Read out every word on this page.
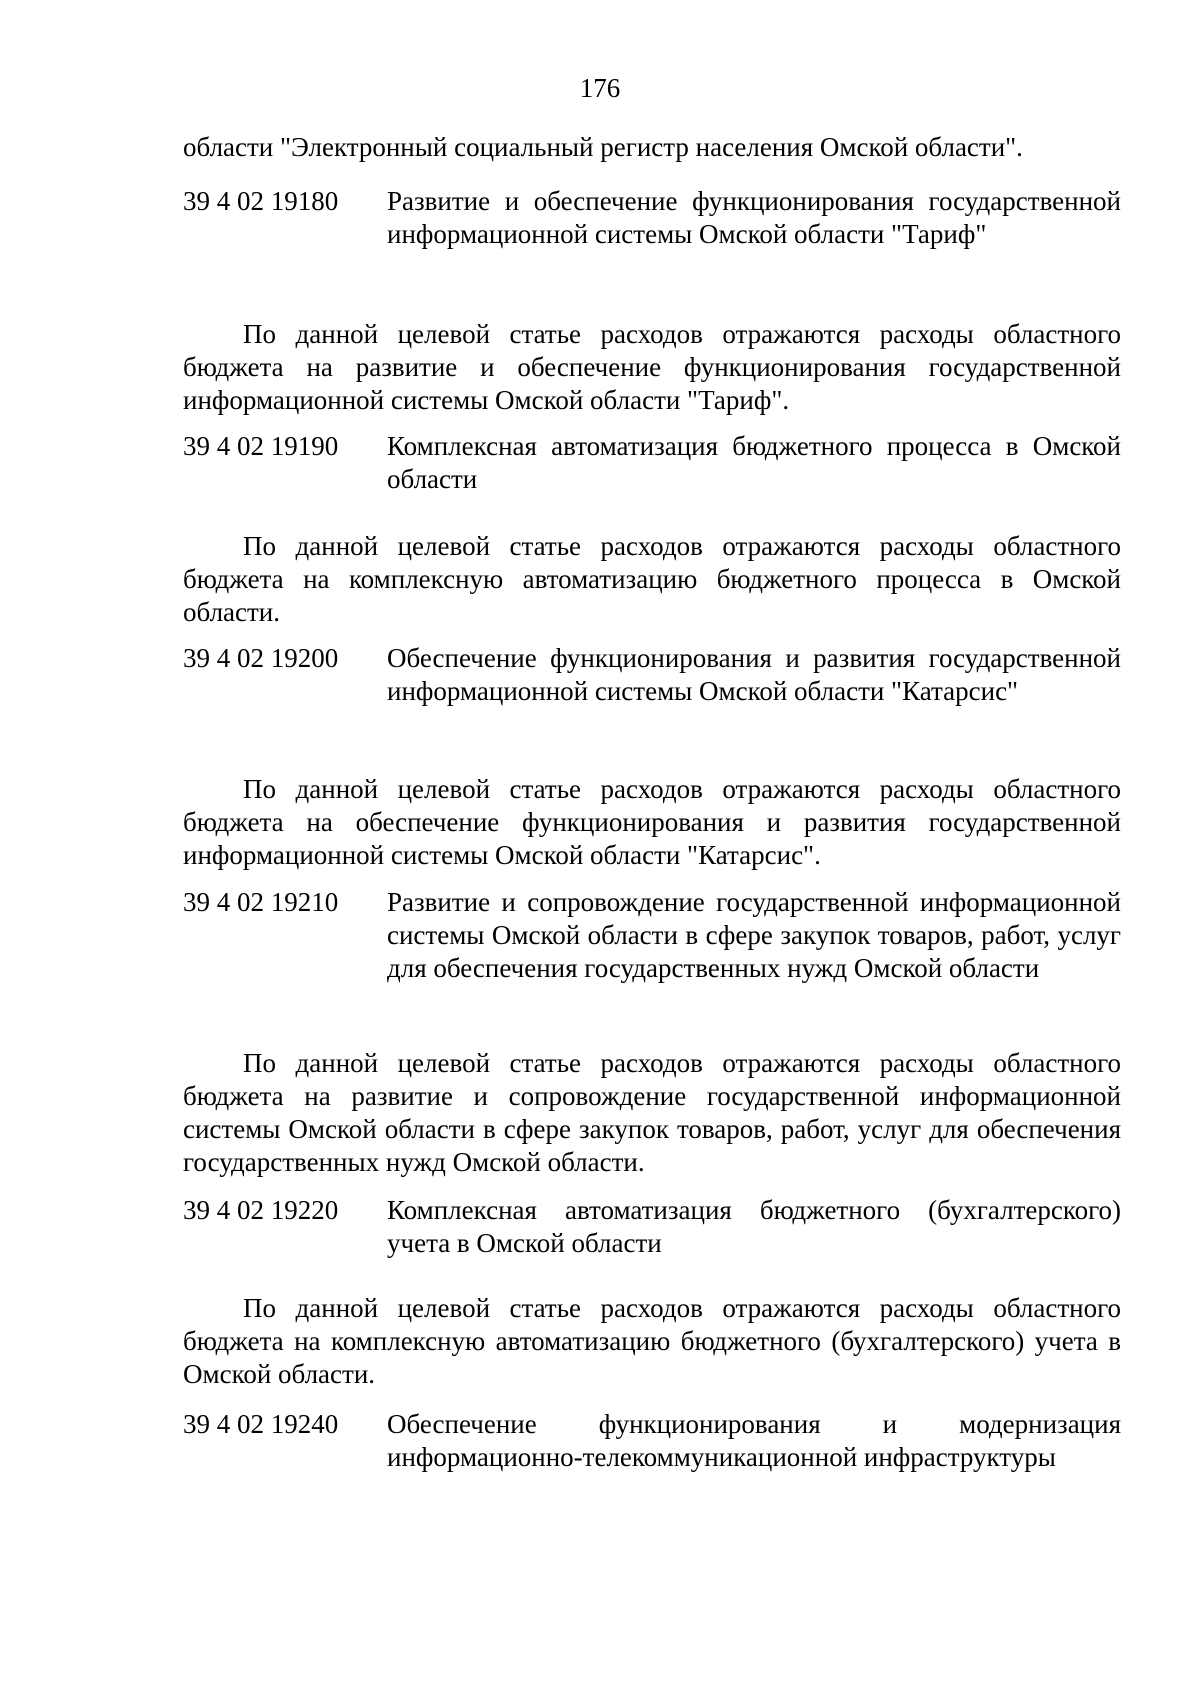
176
области "Электронный социальный регистр населения Омской области".
39 4 02 19180 Развитие и обеспечение функционирования государственной информационной системы Омской области "Тариф"
По данной целевой статье расходов отражаются расходы областного бюджета на развитие и обеспечение функционирования государственной информационной системы Омской области "Тариф".
39 4 02 19190 Комплексная автоматизация бюджетного процесса в Омской области
По данной целевой статье расходов отражаются расходы областного бюджета на комплексную автоматизацию бюджетного процесса в Омской области.
39 4 02 19200 Обеспечение функционирования и развития государственной информационной системы Омской области "Катарсис"
По данной целевой статье расходов отражаются расходы областного бюджета на обеспечение функционирования и развития государственной информационной системы Омской области "Катарсис".
39 4 02 19210 Развитие и сопровождение государственной информационной системы Омской области в сфере закупок товаров, работ, услуг для обеспечения государственных нужд Омской области
По данной целевой статье расходов отражаются расходы областного бюджета на развитие и сопровождение государственной информационной системы Омской области в сфере закупок товаров, работ, услуг для обеспечения государственных нужд Омской области.
39 4 02 19220 Комплексная автоматизация бюджетного (бухгалтерского) учета в Омской области
По данной целевой статье расходов отражаются расходы областного бюджета на комплексную автоматизацию бюджетного (бухгалтерского) учета в Омской области.
39 4 02 19240 Обеспечение функционирования и модернизация информационно-телекоммуникационной инфраструктуры
